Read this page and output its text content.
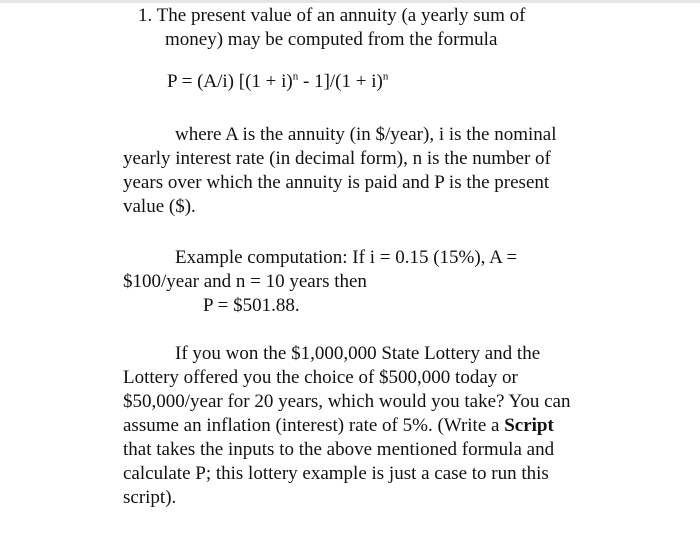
1. The present value of an annuity (a yearly sum of
money) may be computed from the formula
P = (A/i) $[(1 + i)^n - 1]/(1 + i)^n$
where A is the annuity (in $/year), i is the nominal
yearly interest rate (in decimal form), n is the number of
years over which the annuity is paid and P is the present
value ($).
Example computation: If i = 0.15 (15%), A =
$100/year and n = 10 years then
P = $501.88.
If you won the $1,000,000 State Lottery and the
Lottery offered you the choice of $500,000 today or
$50,000/year for 20 years, which would you take? You can
assume an inflation (interest) rate of 5%. (Write a Script
that takes the inputs to the above mentioned formula and
calculate P; this lottery example is just a case to run this
script).
